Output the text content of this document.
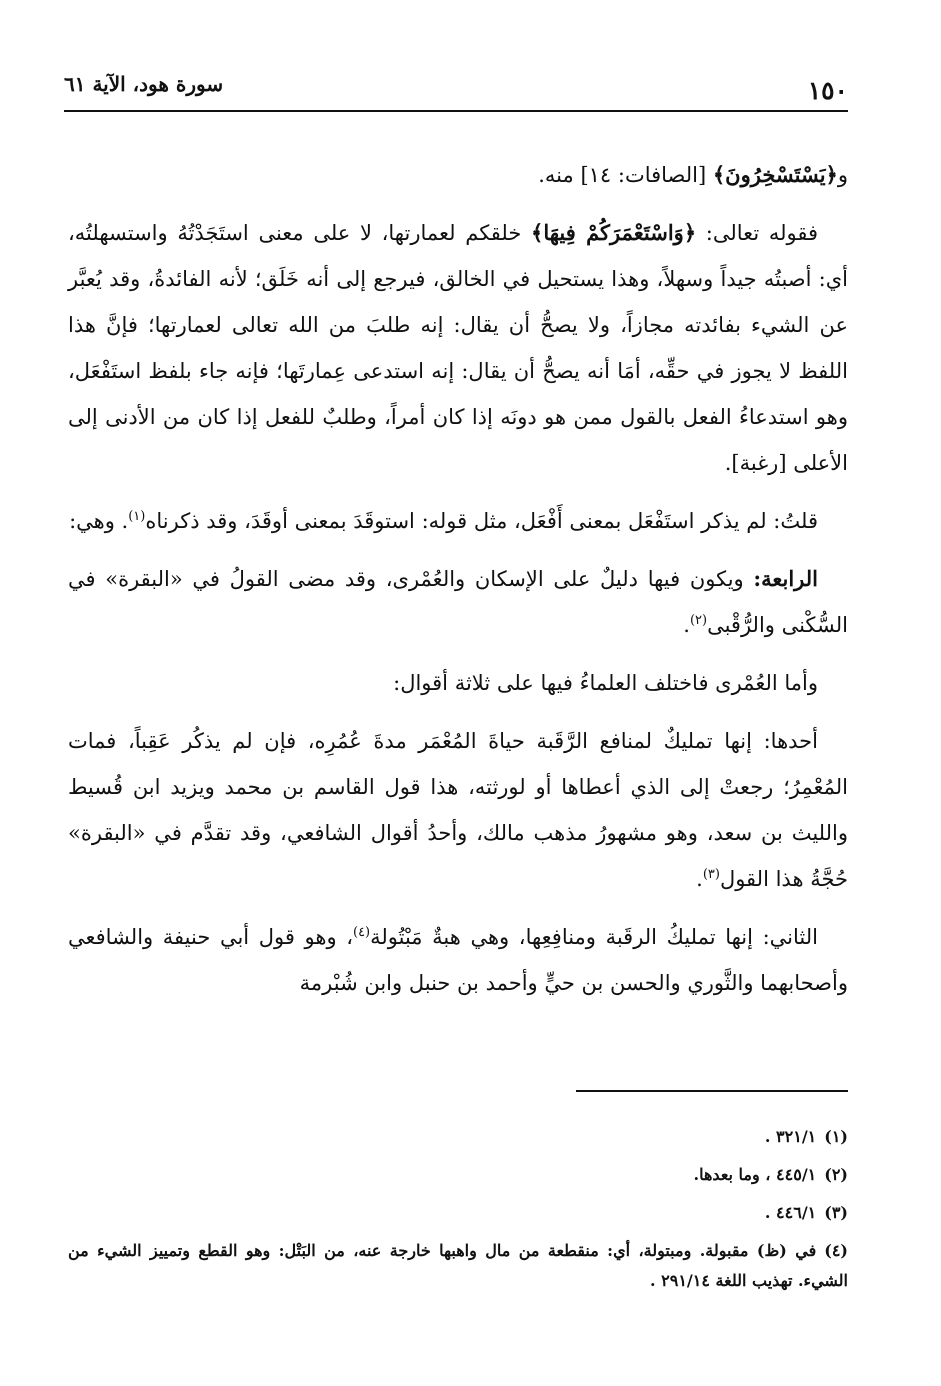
١٥٠
سورة هود، الآية ٦١

و﴿يَسْتَسْخِرُونَ﴾ [الصافات: ١٤] منه.

فقوله تعالى: ﴿وَاسْتَعْمَرَكُمْ فِيهَا﴾ خلقكم لعمارتها، لا على معنى استَجَدْتُهُ واستسهلتُه، أي: أصبتُه جيداً وسهلاً، وهذا يستحيل في الخالق، فيرجع إلى أنه خَلَق؛ لأنه الفائدةُ، وقد يُعبَّر عن الشيء بفائدته مجازاً، ولا يصحُّ أن يقال: إنه طلبَ من الله تعالى لعمارتها؛ فإنَّ هذا اللفظ لا يجوز في حقِّه، أمَا أنه يصحُّ أن يقال: إنه استدعى عِمارتَها؛ فإنه جاء بلفظ استَفْعَل، وهو استدعاءُ الفعل بالقول ممن هو دونَه إذا كان أمراً، وطلبٌ للفعل إذا كان من الأدنى إلى الأعلى [رغبة].

قلتُ: لم يذكر استَفْعَل بمعنى أَفْعَل، مثل قوله: استوقَدَ بمعنى أوقَدَ، وقد ذكرناه$^{(١)}$. وهي:

الرابعة: ويكون فيها دليلٌ على الإسكان والعُمْرى، وقد مضى القولُ في «البقرة» في السُّكْنى والرُّقْبى$^{(٢)}$.

وأما العُمْرى فاختلف العلماءُ فيها على ثلاثة أقوال:

أحدها: إنها تمليكٌ لمنافع الرَّقَبة حياةَ المُعْمَر مدةَ عُمُرِه، فإن لم يذكُر عَقِباً، فمات المُعْمِرُ؛ رجعتْ إلى الذي أعطاها أو لورثته، هذا قول القاسم بن محمد ويزيد ابن قُسيط والليث بن سعد، وهو مشهورُ مذهب مالك، وأحدُ أقوال الشافعي، وقد تقدَّم في «البقرة» حُجَّةُ هذا القول$^{(٣)}$.

الثاني: إنها تمليكُ الرقَبة ومنافِعِها، وهي هبةٌ مَبْتُولة$^{(٤)}$، وهو قول أبي حنيفة والشافعي وأصحابهما والثَّوري والحسن بن حيٍّ وأحمد بن حنبل وابن شُبْرمة

(١)٣٢١/١ .
(٢)٤٤٥/١ ، وما بعدها.
(٣)٤٤٦/١ .
(٤)في (ظ) مقبولة. ومبتولة، أي: منقطعة من مال واهبها خارجة عنه، من البَتْل: وهو القطع وتمييز الشيء من الشيء. تهذيب اللغة ٢٩١/١٤ .
